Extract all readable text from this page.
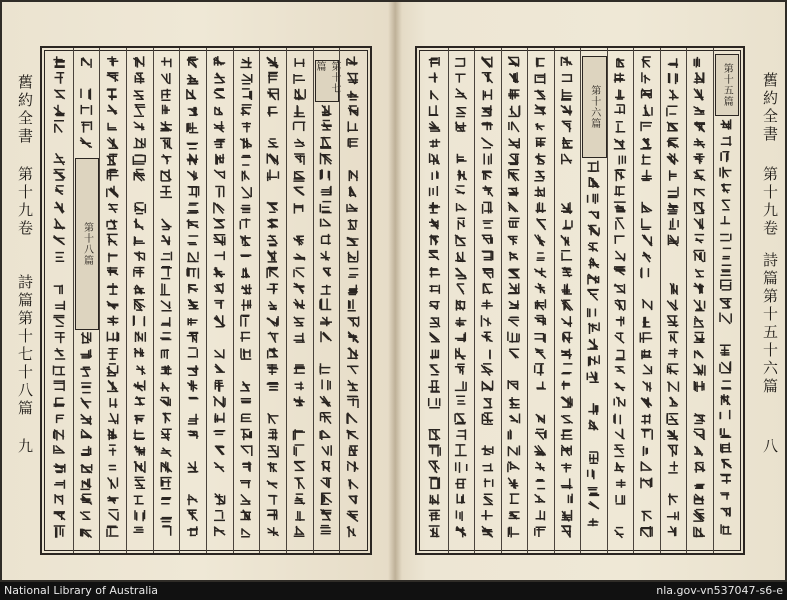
舊約全書
第十八篇
第十七篇
第十九卷
詩篇第十七十八篇
九
第十六篇	第十五篇	舊約全書
第十九卷
詩篇第十五十六篇
八
National Library of Australia	nla.gov-vn537047-s6-e
